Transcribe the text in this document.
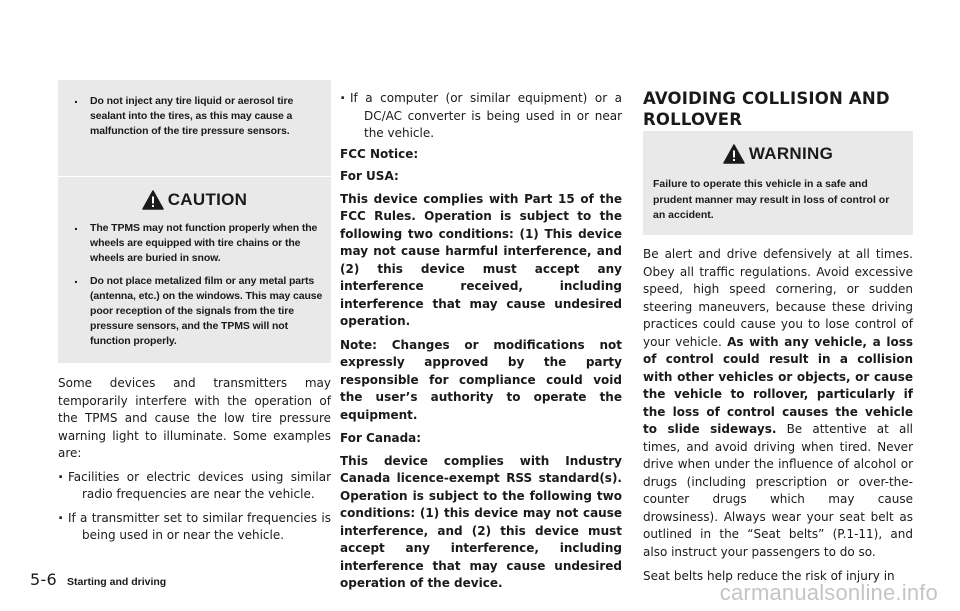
. Do not inject any tire liquid or aerosol tire sealant into the tires, as this may cause a malfunction of the tire pressure sensors.
CAUTION
. The TPMS may not function properly when the wheels are equipped with tire chains or the wheels are buried in snow.
. Do not place metalized film or any metal parts (antenna, etc.) on the windows. This may cause poor reception of the signals from the tire pressure sensors, and the TPMS will not function properly.

Some devices and transmitters may temporarily interfere with the operation of the TPMS and cause the low tire pressure warning light to illuminate. Some examples are:

. Facilities or electric devices using similar radio frequencies are near the vehicle.
. If a transmitter set to similar frequencies is being used in or near the vehicle.
. If a computer (or similar equipment) or a DC/AC converter is being used in or near the vehicle.

FCC Notice:

For USA:

This device complies with Part 15 of the FCC Rules. Operation is subject to the following two conditions: (1) This device may not cause harmful interference, and (2) this device must accept any interference received, including interference that may cause undesired operation.

Note: Changes or modifications not expressly approved by the party responsible for compliance could void the user’s authority to operate the equipment.

For Canada:

This device complies with Industry Canada licence-exempt RSS standard(s). Operation is subject to the following two conditions: (1) this device may not cause interference, and (2) this device must accept any interference, including interference that may cause undesired operation of the device.

AVOIDING COLLISION AND ROLLOVER
WARNING
Failure to operate this vehicle in a safe and prudent manner may result in loss of control or an accident.

Be alert and drive defensively at all times. Obey all traffic regulations. Avoid excessive speed, high speed cornering, or sudden steering maneuvers, because these driving practices could cause you to lose control of your vehicle. As with any vehicle, a loss of control could result in a collision with other vehicles or objects, or cause the vehicle to rollover, particularly if the loss of control causes the vehicle to slide sideways. Be attentive at all times, and avoid driving when tired. Never drive when under the influence of alcohol or drugs (including prescription or over-the-counter drugs which may cause drowsiness). Always wear your seat belt as outlined in the “Seat belts” (P.1-11), and also instruct your passengers to do so.

Seat belts help reduce the risk of injury in

5-6 Starting and driving	carmanualsonline.info
